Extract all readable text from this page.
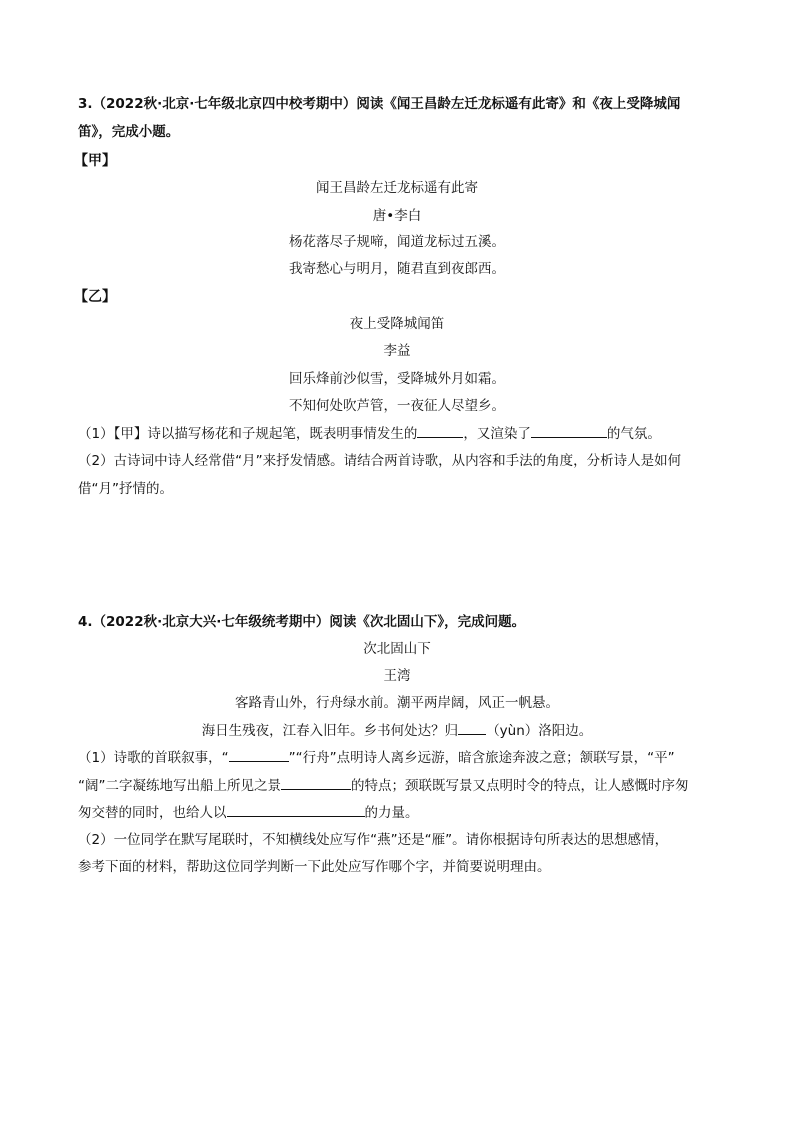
3.（2022秋·北京·七年级北京四中校考期中）阅读《闻王昌龄左迁龙标遥有此寄》和《夜上受降城闻
笛》，完成小题。
【甲】
闻王昌龄左迁龙标遥有此寄
唐•李白
杨花落尽子规啼，闻道龙标过五溪。
我寄愁心与明月，随君直到夜郎西。
【乙】
夜上受降城闻笛
李益
回乐烽前沙似雪，受降城外月如霜。
不知何处吹芦管，一夜征人尽望乡。
（1）【甲】诗以描写杨花和子规起笔，既表明事情发生的	，又渲染了	的气氛。
（2）古诗词中诗人经常借“月”来抒发情感。请结合两首诗歌，从内容和手法的角度，分析诗人是如何
借“月”抒情的。
4.（2022秋·北京大兴·七年级统考期中）阅读《次北固山下》，完成问题。
次北固山下
王湾
客路青山外，行舟绿水前。潮平两岸阔，风正一帆悬。
海日生残夜，江春入旧年。乡书何处达？归 （yùn）洛阳边。
（1）诗歌的首联叙事，“	”“行舟”点明诗人离乡远游，暗含旅途奔波之意；颔联写景，“平”
“阔”二字凝练地写出船上所见之景	的特点；颈联既写景又点明时令的特点，让人感慨时序匆
匆交替的同时，也给人以	的力量。
（2）一位同学在默写尾联时，不知横线处应写作“燕”还是“雁”。请你根据诗句所表达的思想感情，
参考下面的材料，帮助这位同学判断一下此处应写作哪个字，并简要说明理由。
